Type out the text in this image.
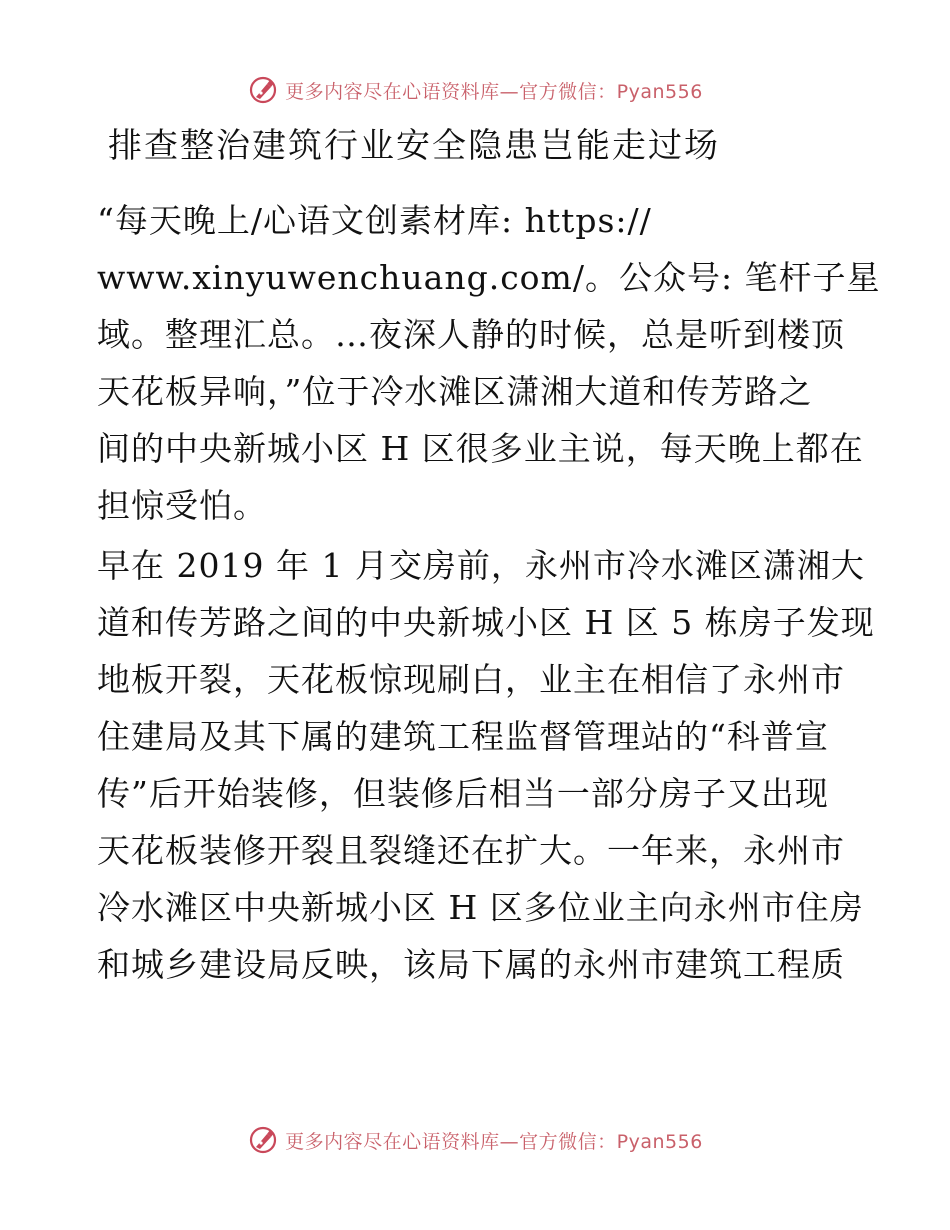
更多内容尽在心语资料库—官方微信：Pyan556
排查整治建筑行业安全隐患岂能走过场
“每天晚上/心语文创素材库: https://
www.xinyuwenchuang.com/。公众号: 笔杆子星
域。整理汇总。…夜深人静的时候，总是听到楼顶
天花板异响，”位于冷水滩区潇湘大道和传芳路之
间的中央新城小区 H 区很多业主说，每天晚上都在
担惊受怕。
早在 2019 年 1 月交房前，永州市冷水滩区潇湘大
道和传芳路之间的中央新城小区 H 区 5 栋房子发现
地板开裂，天花板惊现刷白，业主在相信了永州市
住建局及其下属的建筑工程监督管理站的“科普宣
传”后开始装修，但装修后相当一部分房子又出现
天花板装修开裂且裂缝还在扩大。一年来，永州市
冷水滩区中央新城小区 H 区多位业主向永州市住房
和城乡建设局反映，该局下属的永州市建筑工程质
更多内容尽在心语资料库—官方微信：Pyan556
